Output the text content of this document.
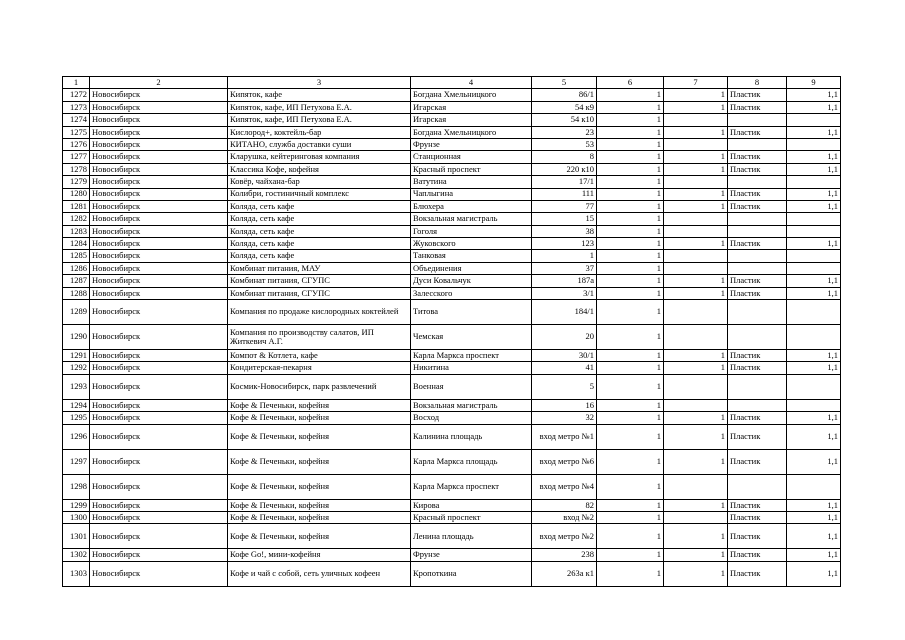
1	2	3	4	5	6	7	8	9
1272	Новосибирск	Кипяток, кафе	Богдана Хмельницкого	86/1	1	1	Пластик	1,1
1273	Новосибирск	Кипяток, кафе, ИП Петухова Е.А.	Игарская	54 к9	1	1	Пластик	1,1
1274	Новосибирск	Кипяток, кафе, ИП Петухова Е.А.	Игарская	54 к10	1			
1275	Новосибирск	Кислород+, коктейль-бар	Богдана Хмельницкого	23	1	1	Пластик	1,1
1276	Новосибирск	КИТАНО, служба доставки суши	Фрунзе	53	1			
1277	Новосибирск	Кларушка, кейтеринговая компания	Станционная	8	1	1	Пластик	1,1
1278	Новосибирск	Классика Кофе, кофейня	Красный проспект	220 к10	1	1	Пластик	1,1
1279	Новосибирск	Ковёр, чайхана-бар	Ватутина	17/1	1			
1280	Новосибирск	Колибри, гостиничный комплекс	Чаплыгина	111	1	1	Пластик	1,1
1281	Новосибирск	Коляда, сеть кафе	Блюхера	77	1	1	Пластик	1,1
1282	Новосибирск	Коляда, сеть кафе	Вокзальная магистраль	15	1			
1283	Новосибирск	Коляда, сеть кафе	Гоголя	38	1			
1284	Новосибирск	Коляда, сеть кафе	Жуковского	123	1	1	Пластик	1,1
1285	Новосибирск	Коляда, сеть кафе	Танковая	1	1			
1286	Новосибирск	Комбинат питания, МАУ	Объединения	37	1			
1287	Новосибирск	Комбинат питания, СГУПС	Дуси Ковальчук	187а	1	1	Пластик	1,1
1288	Новосибирск	Комбинат питания, СГУПС	Залесского	3/1	1	1	Пластик	1,1
1289	Новосибирск	Компания по продаже кислородных коктейлей	Титова	184/1	1			
1290	Новосибирск	Компания по производству салатов, ИП Житкевич А.Г.	Чемская	20	1			
1291	Новосибирск	Компот & Котлета, кафе	Карла Маркса проспект	30/1	1	1	Пластик	1,1
1292	Новосибирск	Кондитерская-пекарня	Никитина	41	1	1	Пластик	1,1
1293	Новосибирск	Космик-Новосибирск, парк развлечений	Военная	5	1			
1294	Новосибирск	Кофе & Печеньки, кофейня	Вокзальная магистраль	16	1			
1295	Новосибирск	Кофе & Печеньки, кофейня	Восход	32	1	1	Пластик	1,1
1296	Новосибирск	Кофе & Печеньки, кофейня	Калинина площадь	вход метро №1	1	1	Пластик	1,1
1297	Новосибирск	Кофе & Печеньки, кофейня	Карла Маркса площадь	вход метро №6	1	1	Пластик	1,1
1298	Новосибирск	Кофе & Печеньки, кофейня	Карла Маркса проспект	вход метро №4	1			
1299	Новосибирск	Кофе & Печеньки, кофейня	Кирова	82	1	1	Пластик	1,1
1300	Новосибирск	Кофе & Печеньки, кофейня	Красный проспект	вход №2	1		Пластик	1,1
1301	Новосибирск	Кофе & Печеньки, кофейня	Ленина площадь	вход метро №2	1	1	Пластик	1,1
1302	Новосибирск	Кофе Go!, мини-кофейня	Фрунзе	238	1	1	Пластик	1,1
1303	Новосибирск	Кофе и чай с собой, сеть уличных кофеен	Кропоткина	263а к1	1	1	Пластик	1,1
